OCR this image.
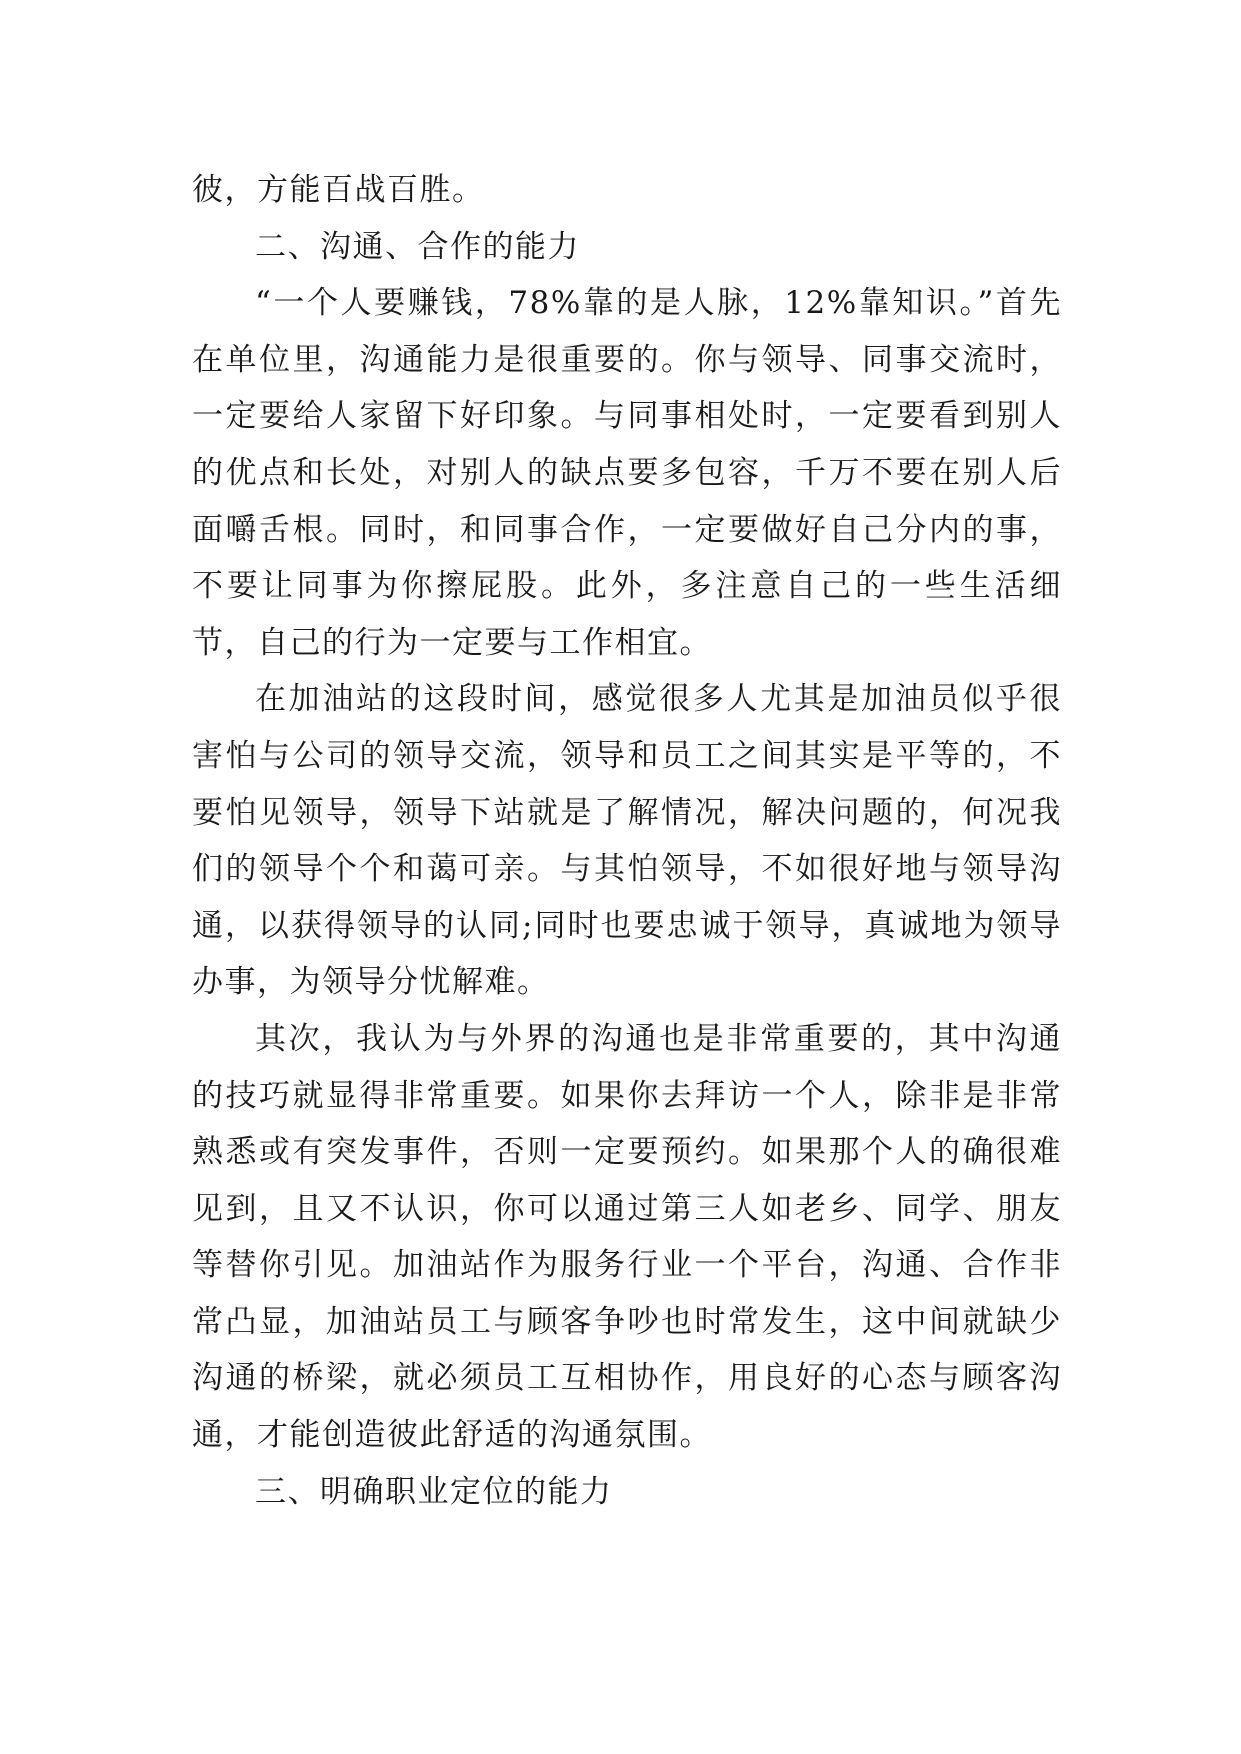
彼，方能百战百胜。

二、沟通、合作的能力

“一个人要赚钱，78%靠的是人脉，12%靠知识。”首先在单位里，沟通能力是很重要的。你与领导、同事交流时，一定要给人家留下好印象。与同事相处时，一定要看到别人的优点和长处，对别人的缺点要多包容，千万不要在别人后面嚼舌根。同时，和同事合作，一定要做好自己分内的事，不要让同事为你擦屁股。此外，多注意自己的一些生活细节，自己的行为一定要与工作相宜。

在加油站的这段时间，感觉很多人尤其是加油员似乎很害怕与公司的领导交流，领导和员工之间其实是平等的，不要怕见领导，领导下站就是了解情况，解决问题的，何况我们的领导个个和蔼可亲。与其怕领导，不如很好地与领导沟通，以获得领导的认同;同时也要忠诚于领导，真诚地为领导办事，为领导分忧解难。

其次，我认为与外界的沟通也是非常重要的，其中沟通的技巧就显得非常重要。如果你去拜访一个人，除非是非常熟悉或有突发事件，否则一定要预约。如果那个人的确很难见到，且又不认识，你可以通过第三人如老乡、同学、朋友等替你引见。加油站作为服务行业一个平台，沟通、合作非常凸显，加油站员工与顾客争吵也时常发生，这中间就缺少沟通的桥梁，就必须员工互相协作，用良好的心态与顾客沟通，才能创造彼此舒适的沟通氛围。

三、明确职业定位的能力
